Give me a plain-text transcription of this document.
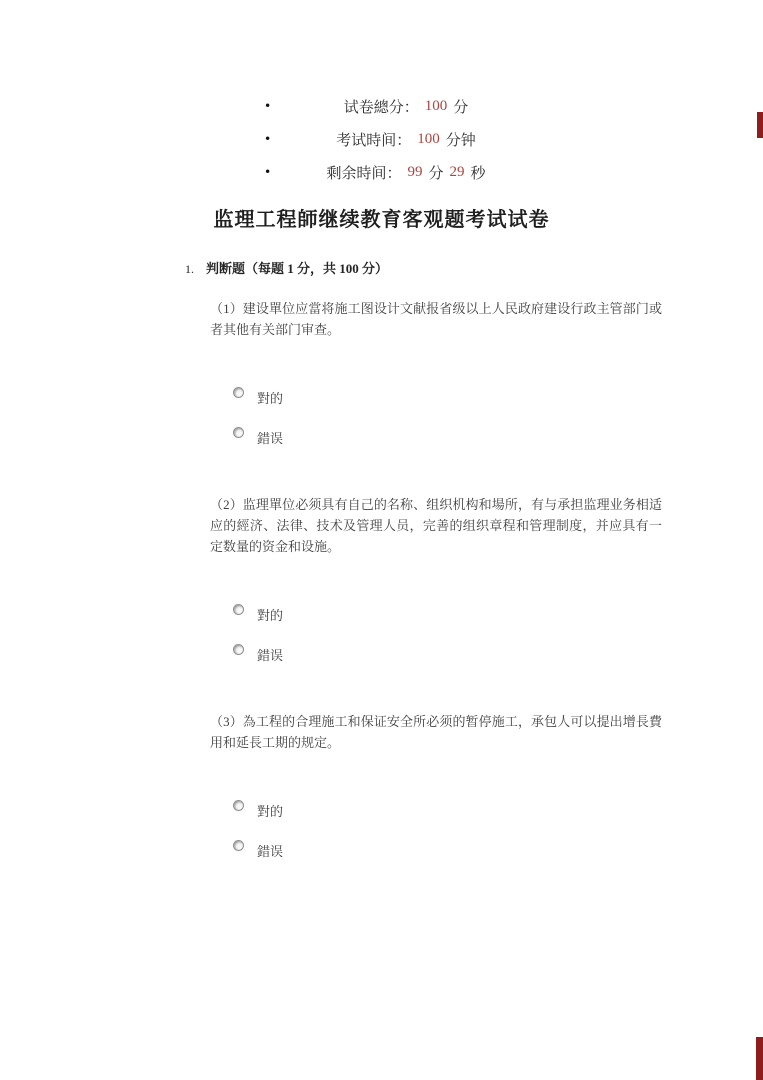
•	试卷總分： 100 分
•	考试時间： 100 分钟
•	剩余時间： 99 分 29 秒
监理工程師继续教育客观题考试试卷
1. 判断题（每题 1 分，共 100 分）

（1）建设單位应當将施工图设计文献报省级以上人民政府建设行政主管部门或者其他有关部门审查。

對的
錯误

（2）监理單位必须具有自己的名称、组织机构和場所，有与承担监理业务相适应的經济、法律、技术及管理人员，完善的组织章程和管理制度，并应具有一定数量的资金和设施。

對的
錯误

（3）為工程的合理施工和保证安全所必须的暂停施工，承包人可以提出增長費用和延長工期的规定。

對的
錯误
